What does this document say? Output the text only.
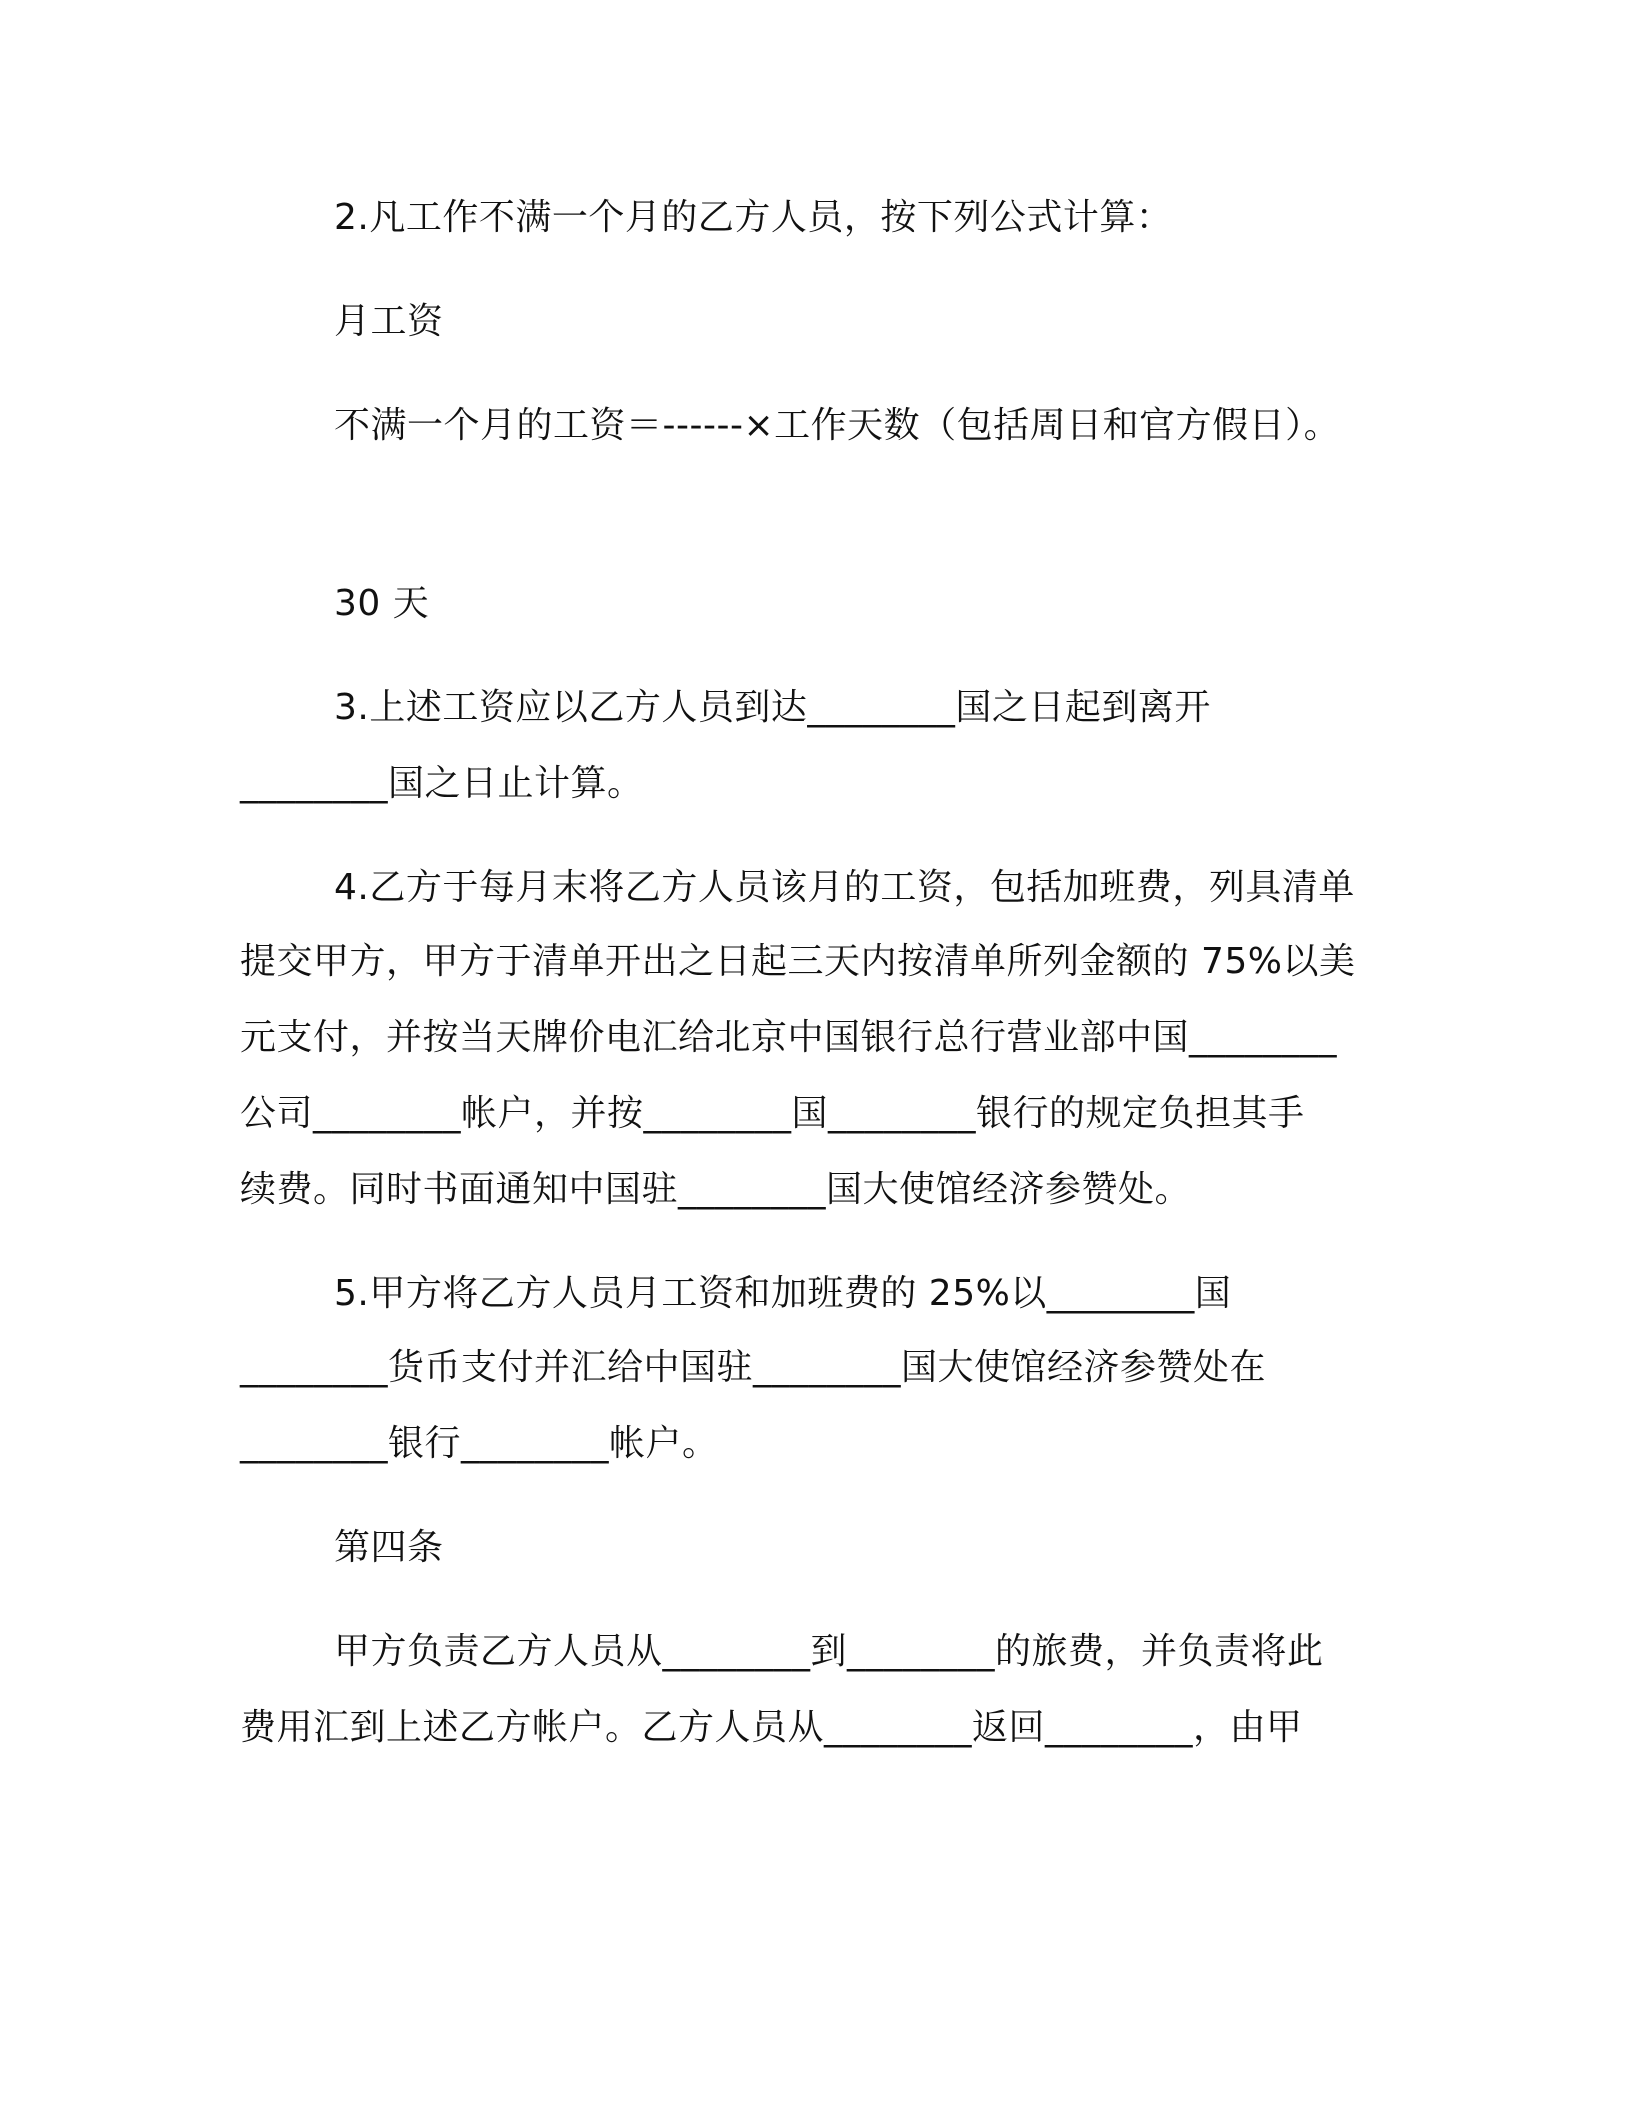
2.凡工作不满一个月的乙方人员，按下列公式计算：
月工资
不满一个月的工资＝------×工作天数（包括周日和官方假日）。
30 天
3.上述工资应以乙方人员到达________国之日起到离开
________国之日止计算。
4.乙方于每月末将乙方人员该月的工资，包括加班费，列具清单
提交甲方，甲方于清单开出之日起三天内按清单所列金额的 75%以美
元支付，并按当天牌价电汇给北京中国银行总行营业部中国________
公司________帐户，并按________国________银行的规定负担其手
续费。同时书面通知中国驻________国大使馆经济参赞处。
5.甲方将乙方人员月工资和加班费的 25%以________国
________货币支付并汇给中国驻________国大使馆经济参赞处在
________银行________帐户。
第四条
甲方负责乙方人员从________到________的旅费，并负责将此
费用汇到上述乙方帐户。乙方人员从________返回________，由甲
